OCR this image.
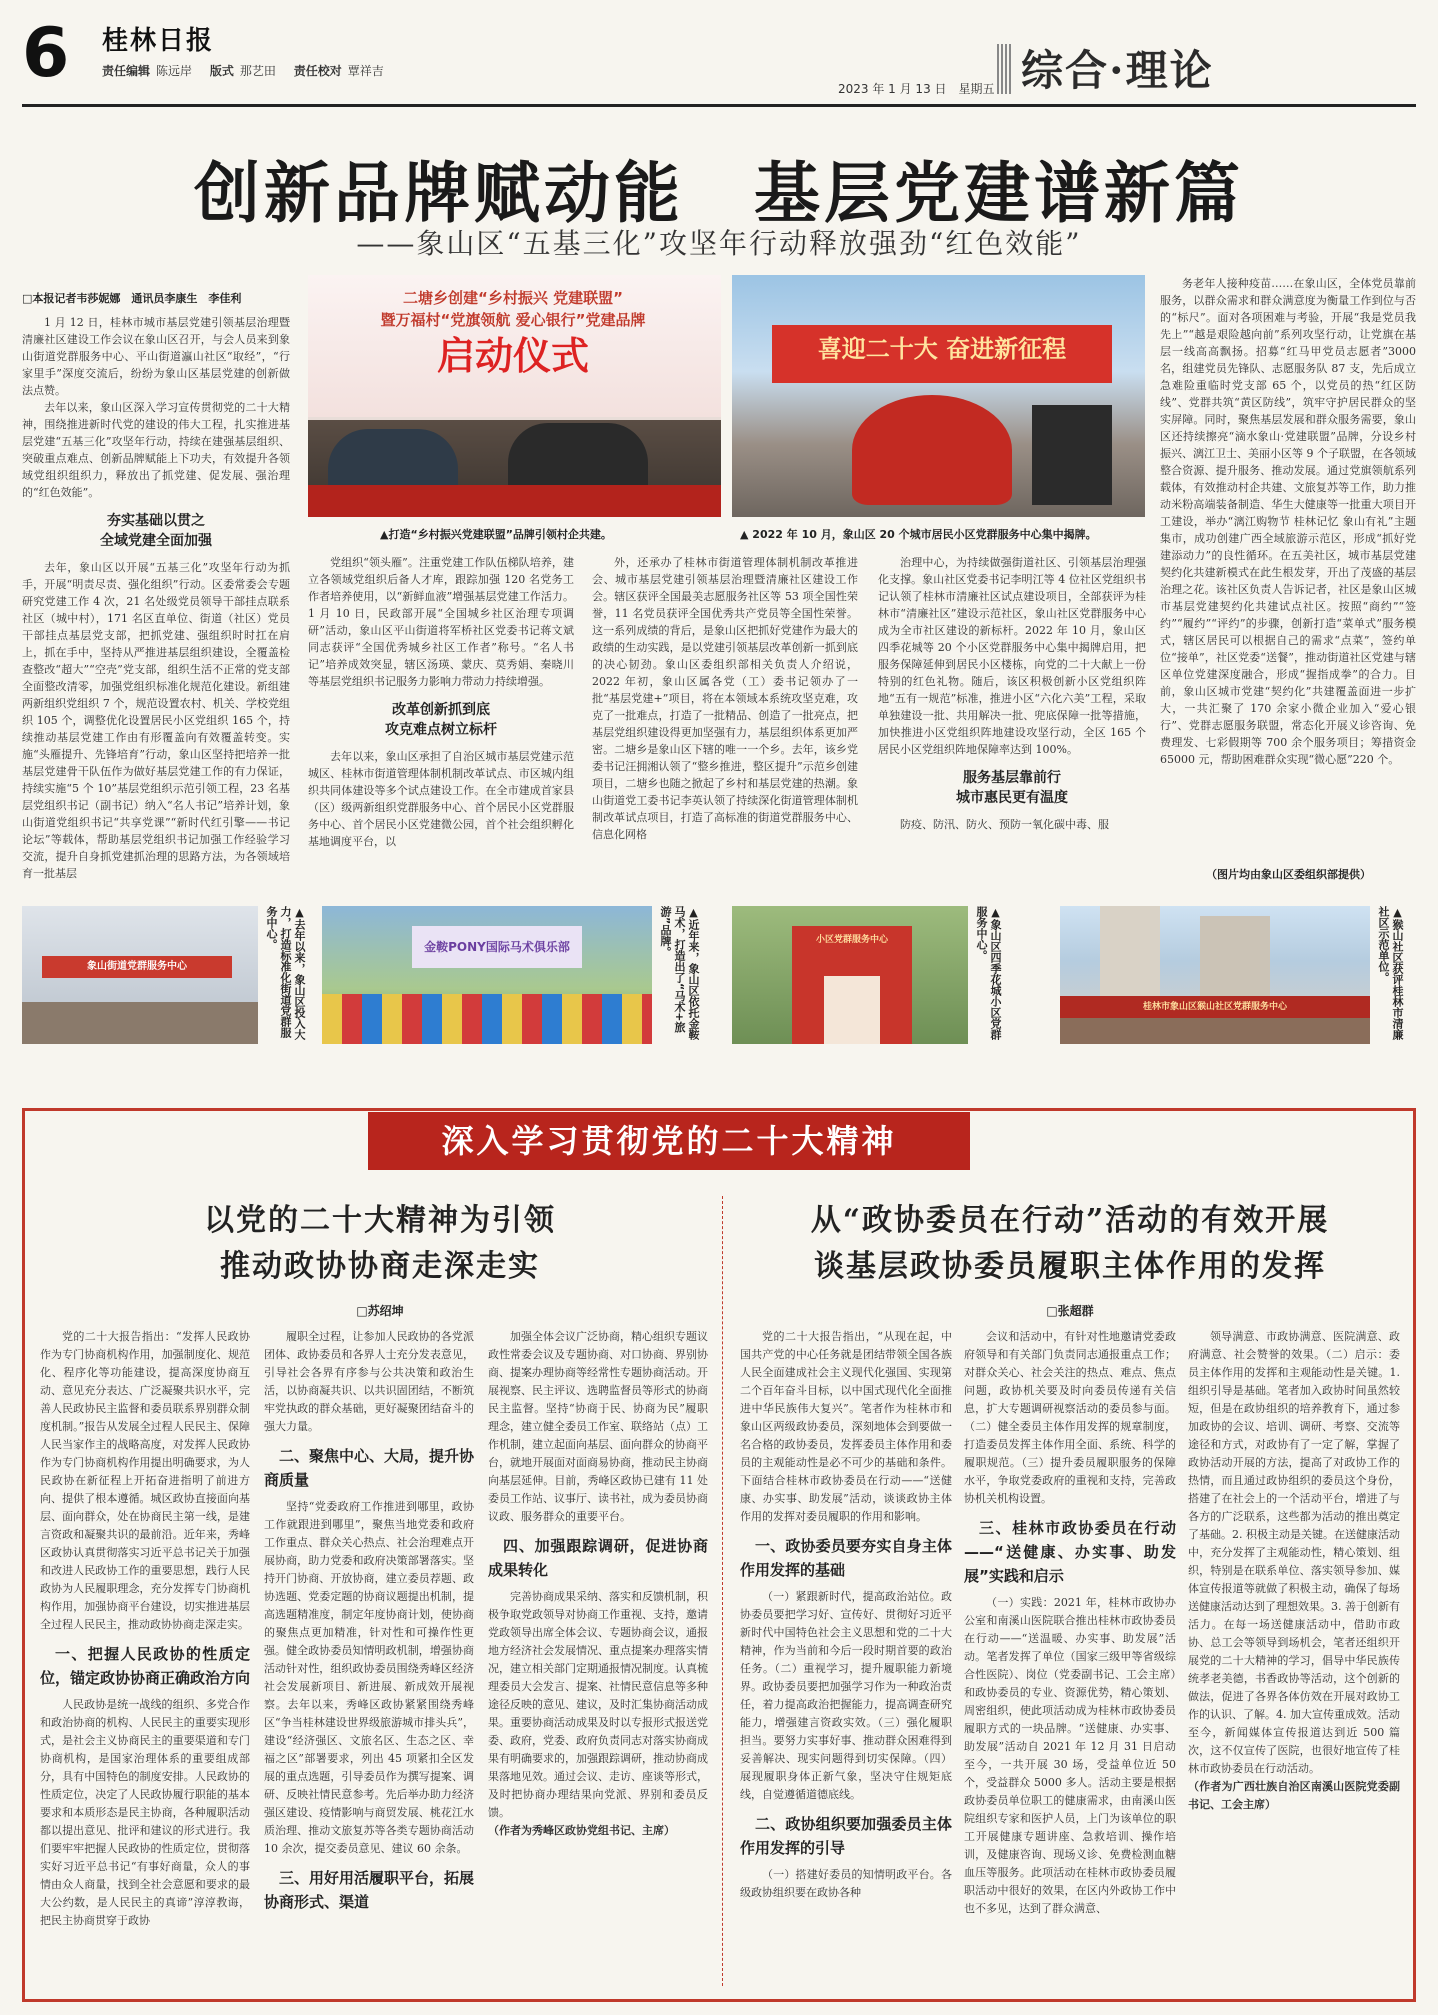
6 桂林日报
责任编辑 陈远岸 版式 那艺田 责任校对 覃祥吉
2023 年 1 月 13 日　星期五 综合·理论
创新品牌赋动能　基层党建谱新篇
——象山区“五基三化”攻坚年行动释放强劲“红色效能”
□本报记者韦莎妮娜　通讯员李康生　李佳利

1 月 12 日，桂林市城市基层党建引领基层治理暨清廉社区建设工作会议在象山区召开，与会人员来到象山街道党群服务中心、平山街道瀛山社区“取经”，“行家里手”深度交流后，纷纷为象山区基层党建的创新做法点赞。

去年以来，象山区深入学习宣传贯彻党的二十大精神，围绕推进新时代党的建设的伟大工程，扎实推进基层党建“五基三化”攻坚年行动，持续在建强基层组织、突破重点难点、创新品牌赋能上下功夫，有效提升各领域党组织组织力，释放出了抓党建、促发展、强治理的“红色效能”。

夯实基础以贯之
全域党建全面加强

去年，象山区以开展“五基三化”攻坚年行动为抓手，开展“明责尽责、强化组织”行动。区委常委会专题研究党建工作 4 次，21 名处级党员领导干部挂点联系社区（城中村），171 名区直单位、街道（社区）党员干部挂点基层党支部，把抓党建、强组织时时扛在肩上，抓在手中，坚持从严推进基层组织建设，全覆盖检查整改“超大”“空壳”党支部，组织生活不正常的党支部全面整改清零，加强党组织标准化规范化建设。新组建两新组织党组织 7 个，规范设置农村、机关、学校党组织 105 个，调整优化设置居民小区党组织 165 个，持续推动基层党建工作由有形覆盖向有效覆盖转变。实施“头雁提升、先锋培育”行动，象山区坚持把培养一批基层党建骨干队伍作为做好基层党建工作的有力保证，持续实施“5 个 10”基层党组织示范引领工程，23 名基层党组织书记（副书记）纳入“名人书记”培养计划，象山街道党组织书记“共享党课”“新时代红引擎——书记论坛”等载体，帮助基层党组织书记加强工作经验学习交流，提升自身抓党建抓治理的思路方法，为各领域培育一批基层

二塘乡创建“乡村振兴 党建联盟”
暨万福村“党旗领航 爱心银行”党建品牌
启动仪式
▲打造“乡村振兴党建联盟”品牌引领村企共建。
喜迎二十大 奋进新征程
▲ 2022 年 10 月，象山区 20 个城市居民小区党群服务中心集中揭牌。

党组织“领头雁”。注重党建工作队伍梯队培养，建立各领域党组织后备人才库，跟踪加强 120 名党务工作者培养使用，以“新鲜血液”增强基层党建工作活力。1 月 10 日，民政部开展“全国城乡社区治理专项调研”活动，象山区平山街道将军桥社区党委书记蒋文斌同志获评“全国优秀城乡社区工作者”称号。“名人书记”培养成效突显，辖区汤瑛、蒙庆、莫秀娟、秦晓川等基层党组织书记服务力影响力带动力持续增强。

改革创新抓到底
攻克难点树立标杆

去年以来，象山区承担了自治区城市基层党建示范城区、桂林市街道管理体制机制改革试点、市区城内组织共同体建设等多个试点建设工作。在全市建成首家县（区）级两新组织党群服务中心、首个居民小区党群服务中心、首个居民小区党建微公园，首个社会组织孵化基地调度平台，以

外，还承办了桂林市街道管理体制机制改革推进会、城市基层党建引领基层治理暨清廉社区建设工作会。辖区获评全国最美志愿服务社区等 53 项全国性荣誉，11 名党员获评全国优秀共产党员等全国性荣誉。这一系列成绩的背后，是象山区把抓好党建作为最大的政绩的生动实践，是以党建引领基层改革创新一抓到底的决心韧劲。象山区委组织部相关负责人介绍说，2022 年初，象山区属各党（工）委书记领办了一批“基层党建+”项目，将在本领域本系统攻坚克难，攻克了一批难点，打造了一批精品、创造了一批亮点，把基层党组织建设得更加坚强有力，基层组织体系更加严密。二塘乡是象山区下辖的唯一一个乡。去年，该乡党委书记汪拥湘认领了“整乡推进，整区提升”示范乡创建项目，二塘乡也随之掀起了乡村和基层党建的热潮。象山街道党工委书记李英认领了持续深化街道管理体制机制改革试点项目，打造了高标准的街道党群服务中心、信息化网格

治理中心，为持续做强街道社区、引领基层治理强化支撑。象山社区党委书记李明江等 4 位社区党组织书记认领了桂林市清廉社区试点建设项目，全部获评为桂林市“清廉社区”建设示范社区，象山社区党群服务中心成为全市社区建设的新标杆。2022 年 10 月，象山区四季花城等 20 个小区党群服务中心集中揭牌启用，把服务保障延伸到居民小区楼栋，向党的二十大献上一份特别的红色礼物。随后，该区积极创新小区党组织阵地“五有一规范”标准，推进小区“六化六美”工程，采取单独建设一批、共用解决一批、兜底保障一批等措施，加快推进小区党组织阵地建设攻坚行动，全区 165 个居民小区党组织阵地保障率达到 100%。

服务基层靠前行
城市惠民更有温度

防疫、防汛、防火、预防一氧化碳中毒、服

务老年人接种疫苗……在象山区，全体党员靠前服务，以群众需求和群众满意度为衡量工作到位与否的“标尺”。面对各项困难与考验，开展“我是党员我先上”“越是艰险越向前”系列攻坚行动，让党旗在基层一线高高飘扬。招募“红马甲党员志愿者”3000 名，组建党员先锋队、志愿服务队 87 支，先后成立急难险重临时党支部 65 个，以党员的热“红区防线”、党群共筑“黄区防线”，筑牢守护居民群众的坚实屏障。同时，聚焦基层发展和群众服务需要，象山区还持续擦亮“滴水象山·党建联盟”品牌，分设乡村振兴、漓江卫士、美丽小区等 9 个子联盟，在各领域整合资源、提升服务、推动发展。通过党旗领航系列载体，有效推动村企共建、文旅复苏等工作，助力推动米粉高端装备制造、华生大健康等一批重大项目开工建设，举办“漓江购物节 桂林记忆 象山有礼”主题集市，成功创建广西全域旅游示范区，形成“抓好党建添动力”的良性循环。在五美社区，城市基层党建契约化共建新模式在此生根发芽，开出了茂盛的基层治理之花。该社区负责人告诉记者，社区是象山区城市基层党建契约化共建试点社区。按照“商约”“签约”“履约”“评约”的步骤，创新打造“菜单式”服务模式，辖区居民可以根据自己的需求“点菜”，签约单位“接单”，社区党委“送餐”，推动街道社区党建与辖区单位党建深度融合，形成“握指成拳”的合力。目前，象山区城市党建“契约化”共建覆盖面进一步扩大，一共汇聚了 170 余家小微企业加入“爱心银行”、党群志愿服务联盟，常态化开展义诊咨询、免费理发、七彩假期等 700 余个服务项目；筹措资金 65000 元，帮助困难群众实现“微心愿”220 个。

（图片均由象山区委组织部提供）
象山街道党群服务中心	▲去年以来，象山区投入大力，打造标准化街道党群服务中心。	金鞍PONY国际马术俱乐部	▲近年来，象山区依托金鞍马术，打造出了“马术+旅游”品牌。	小区党群服务中心	▲象山区四季花城小区党群服务中心。
桂林市象山区猴山社区党群服务中心	▲猴山社区获评桂林市清廉社区示范单位。
深入学习贯彻党的二十大精神
以党的二十大精神为引领
推动政协协商走深走实
□苏绍坤

党的二十大报告指出：“发挥人民政协作为专门协商机构作用，加强制度化、规范化、程序化等功能建设，提高深度协商互动、意见充分表达、广泛凝聚共识水平，完善人民政协民主监督和委员联系界别群众制度机制。”报告从发展全过程人民民主、保障人民当家作主的战略高度，对发挥人民政协作为专门协商机构作用提出明确要求，为人民政协在新征程上开拓奋进指明了前进方向、提供了根本遵循。城区政协直接面向基层、面向群众，处在协商民主第一线，是建言资政和凝聚共识的最前沿。近年来，秀峰区政协认真贯彻落实习近平总书记关于加强和改进人民政协工作的重要思想，践行人民政协为人民履职理念，充分发挥专门协商机构作用，加强协商平台建设，切实推进基层全过程人民民主，推动政协协商走深走实。

一、把握人民政协的性质定位，锚定政协协商正确政治方向

人民政协是统一战线的组织、多党合作和政治协商的机构、人民民主的重要实现形式，是社会主义协商民主的重要渠道和专门协商机构，是国家治理体系的重要组成部分，具有中国特色的制度安排。人民政协的性质定位，决定了人民政协履行职能的基本要求和本质形态是民主协商，各种履职活动都以提出意见、批评和建议的形式进行。我们要牢牢把握人民政协的性质定位，贯彻落实好习近平总书记“有事好商量，众人的事情由众人商量，找到全社会意愿和要求的最大公约数，是人民民主的真谛”淳淳教诲，把民主协商贯穿于政协

履职全过程，让参加人民政协的各党派团体、政协委员和各界人士充分发表意见，引导社会各界有序参与公共决策和政治生活，以协商凝共识、以共识固团结，不断筑牢党执政的群众基础，更好凝聚团结奋斗的强大力量。

二、聚焦中心、大局，提升协商质量

坚持“党委政府工作推进到哪里，政协工作就跟进到哪里”，聚焦当地党委和政府工作重点、群众关心热点、社会治理难点开展协商，助力党委和政府决策部署落实。坚持开门协商、开放协商，建立委员荐题、政协选题、党委定题的协商议题提出机制，提高选题精准度，制定年度协商计划，使协商的聚焦点更加精准，针对性和可操作性更强。健全政协委员知情明政机制，增强协商活动针对性，组织政协委员围绕秀峰区经济社会发展新项目、新进展、新成效开展视察。去年以来，秀峰区政协紧紧围绕秀峰区“争当桂林建设世界级旅游城市排头兵”，建设“经济强区、文旅名区、生态之区、幸福之区”部署要求，列出 45 项紧扣全区发展的重点选题，引导委员作为撰写提案、调研、反映社情民意参考。先后举办助力经济强区建设、疫情影响与商贸发展、桃花江水质治理、推动文旅复苏等各类专题协商活动 10 余次，提交委员意见、建议 60 余条。

三、用好用活履职平台，拓展协商形式、渠道

加强全体会议广泛协商，精心组织专题议政性常委会议及专题协商、对口协商、界别协商、提案办理协商等经常性专题协商活动。开展视察、民主评议、选聘监督员等形式的协商民主监督。坚持“协商于民、协商为民”履职理念，建立健全委员工作室、联络站（点）工作机制，建立起面向基层、面向群众的协商平台，就地开展面对面商易协商，推动民主协商向基层延伸。目前，秀峰区政协已建有 11 处委员工作站、议事厅、读书社，成为委员协商议政、服务群众的重要平台。

四、加强跟踪调研，促进协商成果转化

完善协商成果采纳、落实和反馈机制，积极争取党政领导对协商工作重视、支持，邀请党政领导出席全体会议、专题协商会议，通报地方经济社会发展情况、重点提案办理落实情况，建立相关部门定期通报情况制度。认真梳理委员大会发言、提案、社情民意信息等多种途径反映的意见、建议，及时汇集协商活动成果。重要协商活动成果及时以专报形式报送党委、政府，党委、政府负责同志对落实协商成果有明确要求的，加强跟踪调研，推动协商成果落地见效。通过会议、走访、座谈等形式，及时把协商办理结果向党派、界别和委员反馈。

（作者为秀峰区政协党组书记、主席）

从“政协委员在行动”活动的有效开展
谈基层政协委员履职主体作用的发挥
□张超群

党的二十大报告指出，“从现在起，中国共产党的中心任务就是团结带领全国各族人民全面建成社会主义现代化强国、实现第二个百年奋斗目标，以中国式现代化全面推进中华民族伟大复兴”。笔者作为桂林市和象山区两级政协委员，深刻地体会到要做一名合格的政协委员，发挥委员主体作用和委员的主观能动性是必不可少的基础和条件。下面结合桂林市政协委员在行动——“送健康、办实事、助发展”活动，谈谈政协主体作用的发挥对委员履职的作用和影响。

一、政协委员要夯实自身主体作用发挥的基础

（一）紧跟新时代，提高政治站位。政协委员要把学习好、宣传好、贯彻好习近平新时代中国特色社会主义思想和党的二十大精神，作为当前和今后一段时期首要的政治任务。（二）重视学习，提升履职能力新境界。政协委员要把加强学习作为一种政治责任，着力提高政治把握能力，提高调查研究能力，增强建言资政实效。（三）强化履职担当。要努力实事好事、推动群众困难得到妥善解决、现实问题得到切实保障。（四）展现履职身体正新气象，坚决守住规矩底线，自觉遵循道德底线。

二、政协组织要加强委员主体作用发挥的引导

（一）搭建好委员的知情明政平台。各级政协组织要在政协各种

会议和活动中，有针对性地邀请党委政府领导和有关部门负责同志通报重点工作；对群众关心、社会关注的热点、难点、焦点问题，政协机关要及时向委员传递有关信息，扩大专题调研视察活动的委员参与面。（二）健全委员主体作用发挥的规章制度，打造委员发挥主体作用全面、系统、科学的履职规范。（三）提升委员履职服务的保障水平，争取党委政府的重视和支持，完善政协机关机构设置。

三、桂林市政协委员在行动——“送健康、办实事、助发展”实践和启示

（一）实践：2021 年，桂林市政协办公室和南溪山医院联合推出桂林市政协委员在行动——“送温暖、办实事、助发展”活动。笔者发挥了单位（国家三级甲等省级综合性医院）、岗位（党委副书记、工会主席）和政协委员的专业、资源优势，精心策划、周密组织，使此项活动成为桂林市政协委员履职方式的一块品牌。“送健康、办实事、助发展”活动自 2021 年 12 月 31 日启动至今，一共开展 30 场，受益单位近 50 个，受益群众 5000 多人。活动主要是根据政协委员单位职工的健康需求，由南溪山医院组织专家和医护人员，上门为该单位的职工开展健康专题讲座、急救培训、操作培训，及健康咨询、现场义诊、免费检测血糖血压等服务。此项活动在桂林市政协委员履职活动中很好的效果，在区内外政协工作中也不多见，达到了群众满意、

领导满意、市政协满意、医院满意、政府满意、社会赞誉的效果。（二）启示：委员主体作用的发挥和主观能动性是关键。1. 组织引导是基础。笔者加入政协时间虽然较短，但是在政协组织的培养教育下，通过参加政协的会议、培训、调研、考察、交流等途径和方式，对政协有了一定了解，掌握了政协活动开展的方法，提高了对政协工作的热情，而且通过政协组织的委员这个身份，搭建了在社会上的一个活动平台，增进了与各方的广泛联系，这些都为活动的推出奠定了基础。2. 积极主动是关键。在送健康活动中，充分发挥了主观能动性，精心策划、组织，特别是在联系单位、落实领导参加、媒体宣传报道等就做了积极主动，确保了每场送健康活动达到了理想效果。3. 善于创新有活力。在每一场送健康活动中，借助市政协、总工会等领导到场机会，笔者还组织开展党的二十大精神的学习，倡导中华民族传统孝老美德，书香政协等活动，这个创新的做法，促进了各界各体仿效在开展对政协工作的认识、了解。4. 加大宣传重成效。活动至今，新闻媒体宣传报道达到近 500 篇次，这不仅宣传了医院，也很好地宣传了桂林市政协委员在行动活动。

（作者为广西壮族自治区南溪山医院党委副书记、工会主席）
